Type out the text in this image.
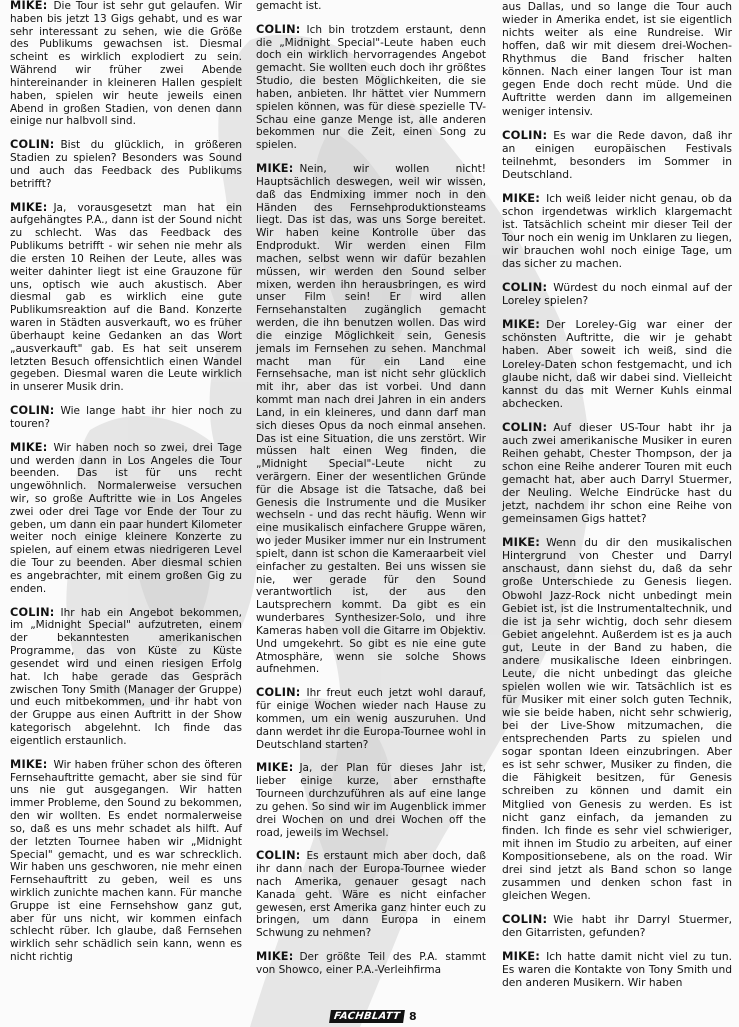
MIKE: Die Tour ist sehr gut gelaufen. Wir haben bis jetzt 13 Gigs gehabt, und es war sehr interessant zu sehen, wie die Größe des Publikums gewachsen ist. Diesmal scheint es wirklich explodiert zu sein. Während wir früher zwei Abende hintereinander in kleineren Hallen gespielt haben, spielen wir heute jeweils einen Abend in großen Stadien, von denen dann einige nur halbvoll sind.

COLIN: Bist du glücklich, in größeren Stadien zu spielen? Besonders was Sound und auch das Feedback des Publikums betrifft?

MIKE: Ja, vorausgesetzt man hat ein aufgehängtes P.A., dann ist der Sound nicht zu schlecht. Was das Feedback des Publikums betrifft - wir sehen nie mehr als die ersten 10 Reihen der Leute, alles was weiter dahinter liegt ist eine Grauzone für uns, optisch wie auch akustisch. Aber diesmal gab es wirklich eine gute Publikumsreaktion auf die Band. Konzerte waren in Städten ausverkauft, wo es früher überhaupt keine Gedanken an das Wort „ausverkauft" gab. Es hat seit unserem letzten Besuch offensichtlich einen Wandel gegeben. Diesmal waren die Leute wirklich in unserer Musik drin.

COLIN: Wie lange habt ihr hier noch zu touren?

MIKE: Wir haben noch so zwei, drei Tage und werden dann in Los Angeles die Tour beenden. Das ist für uns recht ungewöhnlich. Normalerweise versuchen wir, so große Auftritte wie in Los Angeles zwei oder drei Tage vor Ende der Tour zu geben, um dann ein paar hundert Kilometer weiter noch einige kleinere Konzerte zu spielen, auf einem etwas niedrigeren Level die Tour zu beenden. Aber diesmal schien es angebrachter, mit einem großen Gig zu enden.

COLIN: Ihr hab ein Angebot bekommen, im „Midnight Special" aufzutreten, einem der bekanntesten amerikanischen Programme, das von Küste zu Küste gesendet wird und einen riesigen Erfolg hat. Ich habe gerade das Gespräch zwischen Tony Smith (Manager der Gruppe) und euch mitbekommen, und ihr habt von der Gruppe aus einen Auftritt in der Show kategorisch abgelehnt. Ich finde das eigentlich erstaunlich.

MIKE: Wir haben früher schon des öfteren Fernsehauftritte gemacht, aber sie sind für uns nie gut ausgegangen. Wir hatten immer Probleme, den Sound zu bekommen, den wir wollten. Es endet normalerweise so, daß es uns mehr schadet als hilft. Auf der letzten Tournee haben wir „Midnight Special" gemacht, und es war schrecklich. Wir haben uns geschworen, nie mehr einen Fernsehauftritt zu geben, weil es uns wirklich zunichte machen kann. Für manche Gruppe ist eine Fernsehshow ganz gut, aber für uns nicht, wir kommen einfach schlecht rüber. Ich glaube, daß Fernsehen wirklich sehr schädlich sein kann, wenn es nicht richtig

gemacht ist.

COLIN: Ich bin trotzdem erstaunt, denn die „Midnight Special"-Leute haben euch doch ein wirklich hervorragendes Angebot gemacht. Sie wollten euch doch ihr größtes Studio, die besten Möglichkeiten, die sie haben, anbieten. Ihr hättet vier Nummern spielen können, was für diese spezielle TV-Schau eine ganze Menge ist, alle anderen bekommen nur die Zeit, einen Song zu spielen.

MIKE: Nein, wir wollen nicht! Hauptsächlich deswegen, weil wir wissen, daß das Endmixing immer noch in den Händen des Fernsehproduktionsteams liegt. Das ist das, was uns Sorge bereitet. Wir haben keine Kontrolle über das Endprodukt. Wir werden einen Film machen, selbst wenn wir dafür bezahlen müssen, wir werden den Sound selber mixen, werden ihn herausbringen, es wird unser Film sein! Er wird allen Fernsehanstalten zugänglich gemacht werden, die ihn benutzen wollen. Das wird die einzige Möglichkeit sein, Genesis jemals im Fernsehen zu sehen. Manchmal macht man für ein Land eine Fernsehsache, man ist nicht sehr glücklich mit ihr, aber das ist vorbei. Und dann kommt man nach drei Jahren in ein anders Land, in ein kleineres, und dann darf man sich dieses Opus da noch einmal ansehen. Das ist eine Situation, die uns zerstört. Wir müssen halt einen Weg finden, die „Midnight Special"-Leute nicht zu verärgern. Einer der wesentlichen Gründe für die Absage ist die Tatsache, daß bei Genesis die Instrumente und die Musiker wechseln - und das recht häufig. Wenn wir eine musikalisch einfachere Gruppe wären, wo jeder Musiker immer nur ein Instrument spielt, dann ist schon die Kameraarbeit viel einfacher zu gestalten. Bei uns wissen sie nie, wer gerade für den Sound verantwortlich ist, der aus den Lautsprechern kommt. Da gibt es ein wunderbares Synthesizer-Solo, und ihre Kameras haben voll die Gitarre im Objektiv. Und umgekehrt. So gibt es nie eine gute Atmosphäre, wenn sie solche Shows aufnehmen.

COLIN: Ihr freut euch jetzt wohl darauf, für einige Wochen wieder nach Hause zu kommen, um ein wenig auszuruhen. Und dann werdet ihr die Europa-Tournee wohl in Deutschland starten?

MIKE: Ja, der Plan für dieses Jahr ist, lieber einige kurze, aber ernsthafte Tourneen durchzuführen als auf eine lange zu gehen. So sind wir im Augenblick immer drei Wochen on und drei Wochen off the road, jeweils im Wechsel.

COLIN: Es erstaunt mich aber doch, daß ihr dann nach der Europa-Tournee wieder nach Amerika, genauer gesagt nach Kanada geht. Wäre es nicht einfacher gewesen, erst Amerika ganz hinter euch zu bringen, um dann Europa in einem Schwung zu nehmen?

MIKE: Der größte Teil des P.A. stammt von Showco, einer P.A.-Verleihfirma

aus Dallas, und so lange die Tour auch wieder in Amerika endet, ist sie eigentlich nichts weiter als eine Rundreise. Wir hoffen, daß wir mit diesem drei-Wochen-Rhythmus die Band frischer halten können. Nach einer langen Tour ist man gegen Ende doch recht müde. Und die Auftritte werden dann im allgemeinen weniger intensiv.

COLIN: Es war die Rede davon, daß ihr an einigen europäischen Festivals teilnehmt, besonders im Sommer in Deutschland.

MIKE: Ich weiß leider nicht genau, ob da schon irgendetwas wirklich klargemacht ist. Tatsächlich scheint mir dieser Teil der Tour noch ein wenig im Unklaren zu liegen, wir brauchen wohl noch einige Tage, um das sicher zu machen.

COLIN: Würdest du noch einmal auf der Loreley spielen?

MIKE: Der Loreley-Gig war einer der schönsten Auftritte, die wir je gehabt haben. Aber soweit ich weiß, sind die Loreley-Daten schon festgemacht, und ich glaube nicht, daß wir dabei sind. Vielleicht kannst du das mit Werner Kuhls einmal abchecken.

COLIN: Auf dieser US-Tour habt ihr ja auch zwei amerikanische Musiker in euren Reihen gehabt, Chester Thompson, der ja schon eine Reihe anderer Touren mit euch gemacht hat, aber auch Darryl Stuermer, der Neuling. Welche Eindrücke hast du jetzt, nachdem ihr schon eine Reihe von gemeinsamen Gigs hattet?

MIKE: Wenn du dir den musikalischen Hintergrund von Chester und Darryl anschaust, dann siehst du, daß da sehr große Unterschiede zu Genesis liegen. Obwohl Jazz-Rock nicht unbedingt mein Gebiet ist, ist die Instrumentaltechnik, und die ist ja sehr wichtig, doch sehr diesem Gebiet angelehnt. Außerdem ist es ja auch gut, Leute in der Band zu haben, die andere musikalische Ideen einbringen. Leute, die nicht unbedingt das gleiche spielen wollen wie wir. Tatsächlich ist es für Musiker mit einer solch guten Technik, wie sie beide haben, nicht sehr schwierig, bei der Live-Show mitzumachen, die entsprechenden Parts zu spielen und sogar spontan Ideen einzubringen. Aber es ist sehr schwer, Musiker zu finden, die die Fähigkeit besitzen, für Genesis schreiben zu können und damit ein Mitglied von Genesis zu werden. Es ist nicht ganz einfach, da jemanden zu finden. Ich finde es sehr viel schwieriger, mit ihnen im Studio zu arbeiten, auf einer Kompositionsebene, als on the road. Wir drei sind jetzt als Band schon so lange zusammen und denken schon fast in gleichen Wegen.

COLIN: Wie habt ihr Darryl Stuermer, den Gitarristen, gefunden?

MIKE: Ich hatte damit nicht viel zu tun. Es waren die Kontakte von Tony Smith und den anderen Musikern. Wir haben

FACHBLATT 8
